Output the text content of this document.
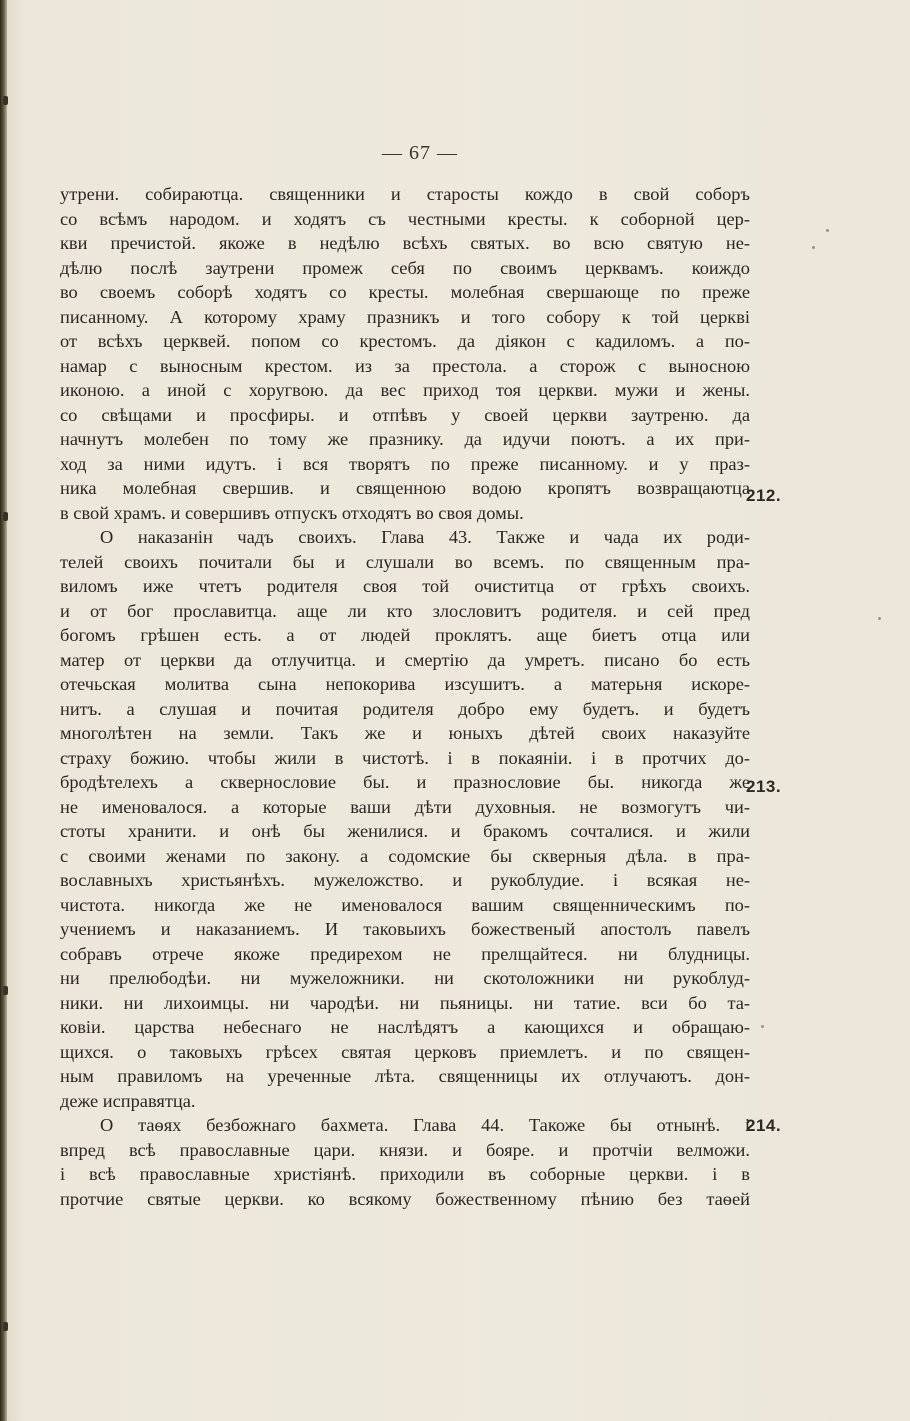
— 67 —
утрени. собираютца. священники и старосты кождо в свой соборъ
со всѣмъ народом. и ходятъ съ честными кресты. к соборной цер-
кви пречистой. якоже в недѣлю всѣхъ святых. во всю святую не-
дѣлю послѣ заутрени промеж себя по своимъ церквамъ. коиждо
во своемъ соборѣ ходятъ со кресты. молебная свершающе по преже
писанному. А которому храму празникъ и того собору к той церкві
от всѣхъ церквей. попом со крестомъ. да діякон с кадиломъ. а по-
намар с выносным крестом. из за престола. а сторож с выносною
иконою. а иной с хоругвою. да вес приход тоя церкви. мужи и жены.
со свѣщами и просфиры. и отпѣвъ у своей церкви заутреню. да
начнутъ молебен по тому же празнику. да идучи поютъ. а их при-
ход за ними идутъ. і вся творятъ по преже писанному. и у праз-
ника молебная свершив. и священною водою кропятъ возвращаютца
в свой храмъ. и совершивъ отпускъ отходятъ во своя домы.
О наказанін чадъ своихъ. Глава 43. Также и чада их роди-
телей своихъ почитали бы и слушали во всемъ. по священным пра-
виломъ иже чтетъ родителя своя той очиститца от грѣхъ своихъ.
и от бог прославитца. аще ли кто злословитъ родителя. и сей пред
богомъ грѣшен есть. а от людей проклятъ. аще биетъ отца или
матер от церкви да отлучитца. и смертію да умретъ. писано бо есть
отечьская молитва сына непокорива изсушитъ. а матерьня искоре-
нитъ. а слушая и почитая родителя добро ему будетъ. и будетъ
многолѣтен на земли. Такъ же и юныхъ дѣтей своих наказуйте
страху божию. чтобы жили в чистотѣ. і в покаяніи. і в протчих до-
бродѣтелехъ а сквернословие бы. и празнословие бы. никогда же
не именовалося. а которые ваши дѣти духовныя. не возмогутъ чи-
стоты хранити. и онѣ бы женилися. и бракомъ сочталися. и жили
с своими женами по закону. а содомские бы скверныя дѣла. в пра-
вославныхъ христьянѣхъ. мужеложство. и рукоблудие. і всякая не-
чистота. никогда же не именовалося вашим священническимъ по-
учениемъ и наказаниемъ. И таковыихъ божественый апостолъ павелъ
собравъ отрече якоже предирехом не прелщайтеся. ни блудницы.
ни прелюбодѣи. ни мужеложники. ни скотоложники ни рукоблуд-
ники. ни лихоимцы. ни чародѣи. ни пьяницы. ни татие. вси бо та-
ковіи. царства небеснаго не наслѣдятъ а кающихся и обращаю-
щихся. о таковыхъ грѣсех святая церковъ приемлетъ. и по священ-
ным правиломъ на уреченные лѣта. священницы их отлучаютъ. дон-
деже исправятца.
О таѳях безбожнаго бахмета. Глава 44. Такоже бы отнынѣ. і
впред всѣ православные цари. князи. и бояре. и протчіи велможи.
і всѣ православные христіянѣ. приходили въ соборные церкви. і в
протчие святые церкви. ко всякому божественному пѣнию без таѳей
212.
213.
214.
